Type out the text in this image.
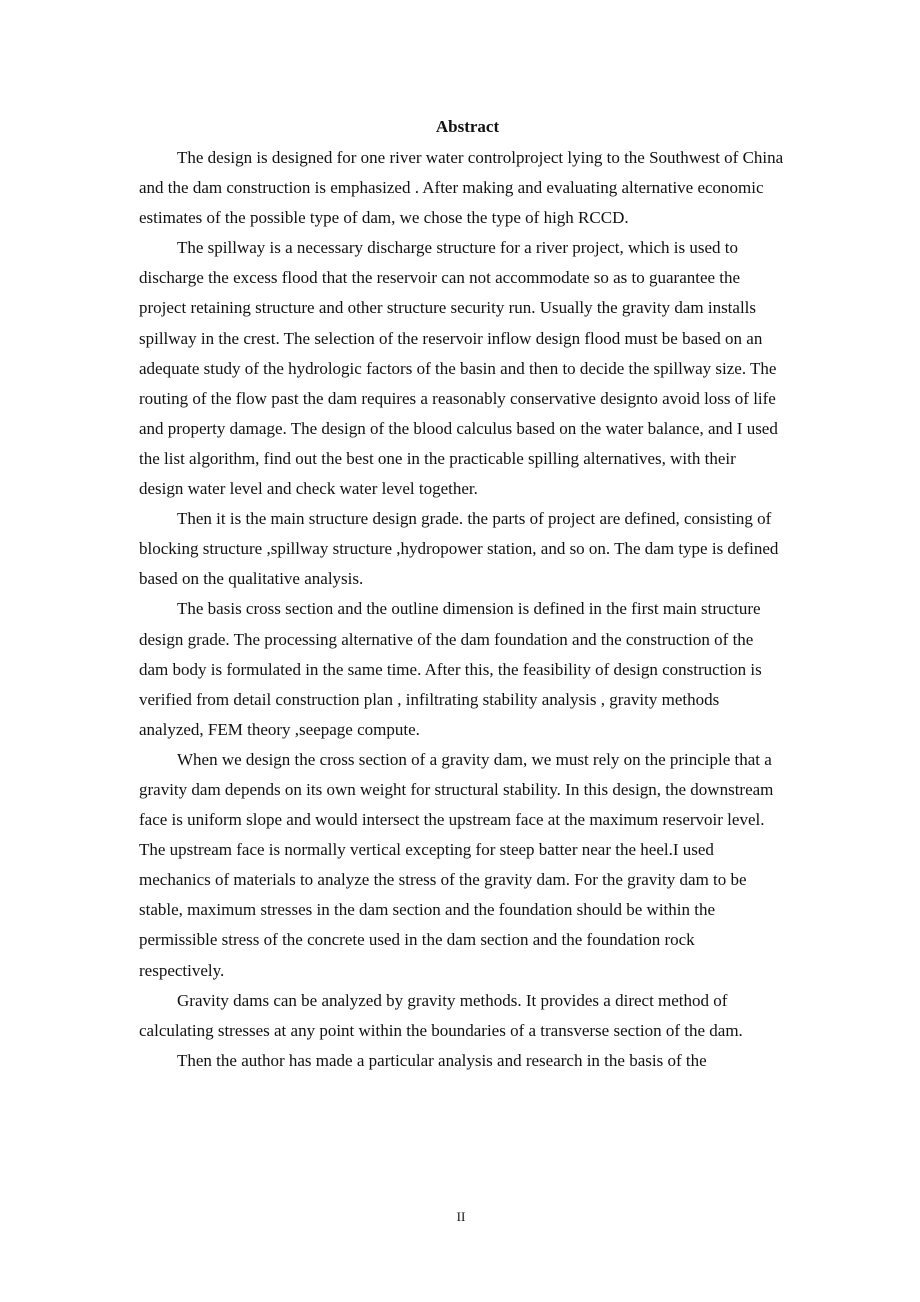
Abstract

The design is designed for one river water controlproject lying to the Southwest of China and the dam construction is emphasized . After making and evaluating alternative economic estimates of the possible type of dam, we chose the type of high RCCD.

The spillway is a necessary discharge structure for a river project, which is used to discharge the excess flood that the reservoir can not accommodate so as to guarantee the project retaining structure and other structure security run. Usually the gravity dam installs spillway in the crest. The selection of the reservoir inflow design flood must be based on an adequate study of the hydrologic factors of the basin and then to decide the spillway size. The routing of the flow past the dam requires a reasonably conservative designto avoid loss of life and property damage. The design of the blood calculus based on the water balance, and I used the list algorithm, find out the best one in the practicable spilling alternatives, with their design water level and check water level together.

Then it is the main structure design grade. the parts of project are defined, consisting of blocking structure ,spillway structure ,hydropower station, and so on. The dam type is defined based on the qualitative analysis.

The basis cross section and the outline dimension is defined in the first main structure design grade. The processing alternative of the dam foundation and the construction of the dam body is formulated in the same time. After this, the feasibility of design construction is verified from detail construction plan , infiltrating stability analysis , gravity methods analyzed, FEM theory ,seepage compute.

When we design the cross section of a gravity dam, we must rely on the principle that a gravity dam depends on its own weight for structural stability. In this design, the downstream face is uniform slope and would intersect the upstream face at the maximum reservoir level. The upstream face is normally vertical excepting for steep batter near the heel.I used mechanics of materials to analyze the stress of the gravity dam. For the gravity dam to be stable, maximum stresses in the dam section and the foundation should be within the permissible stress of the concrete used in the dam section and the foundation rock respectively.

Gravity dams can be analyzed by gravity methods. It provides a direct method of calculating stresses at any point within the boundaries of a transverse section of the dam.

Then the author has made a particular analysis and research in the basis of the

II
